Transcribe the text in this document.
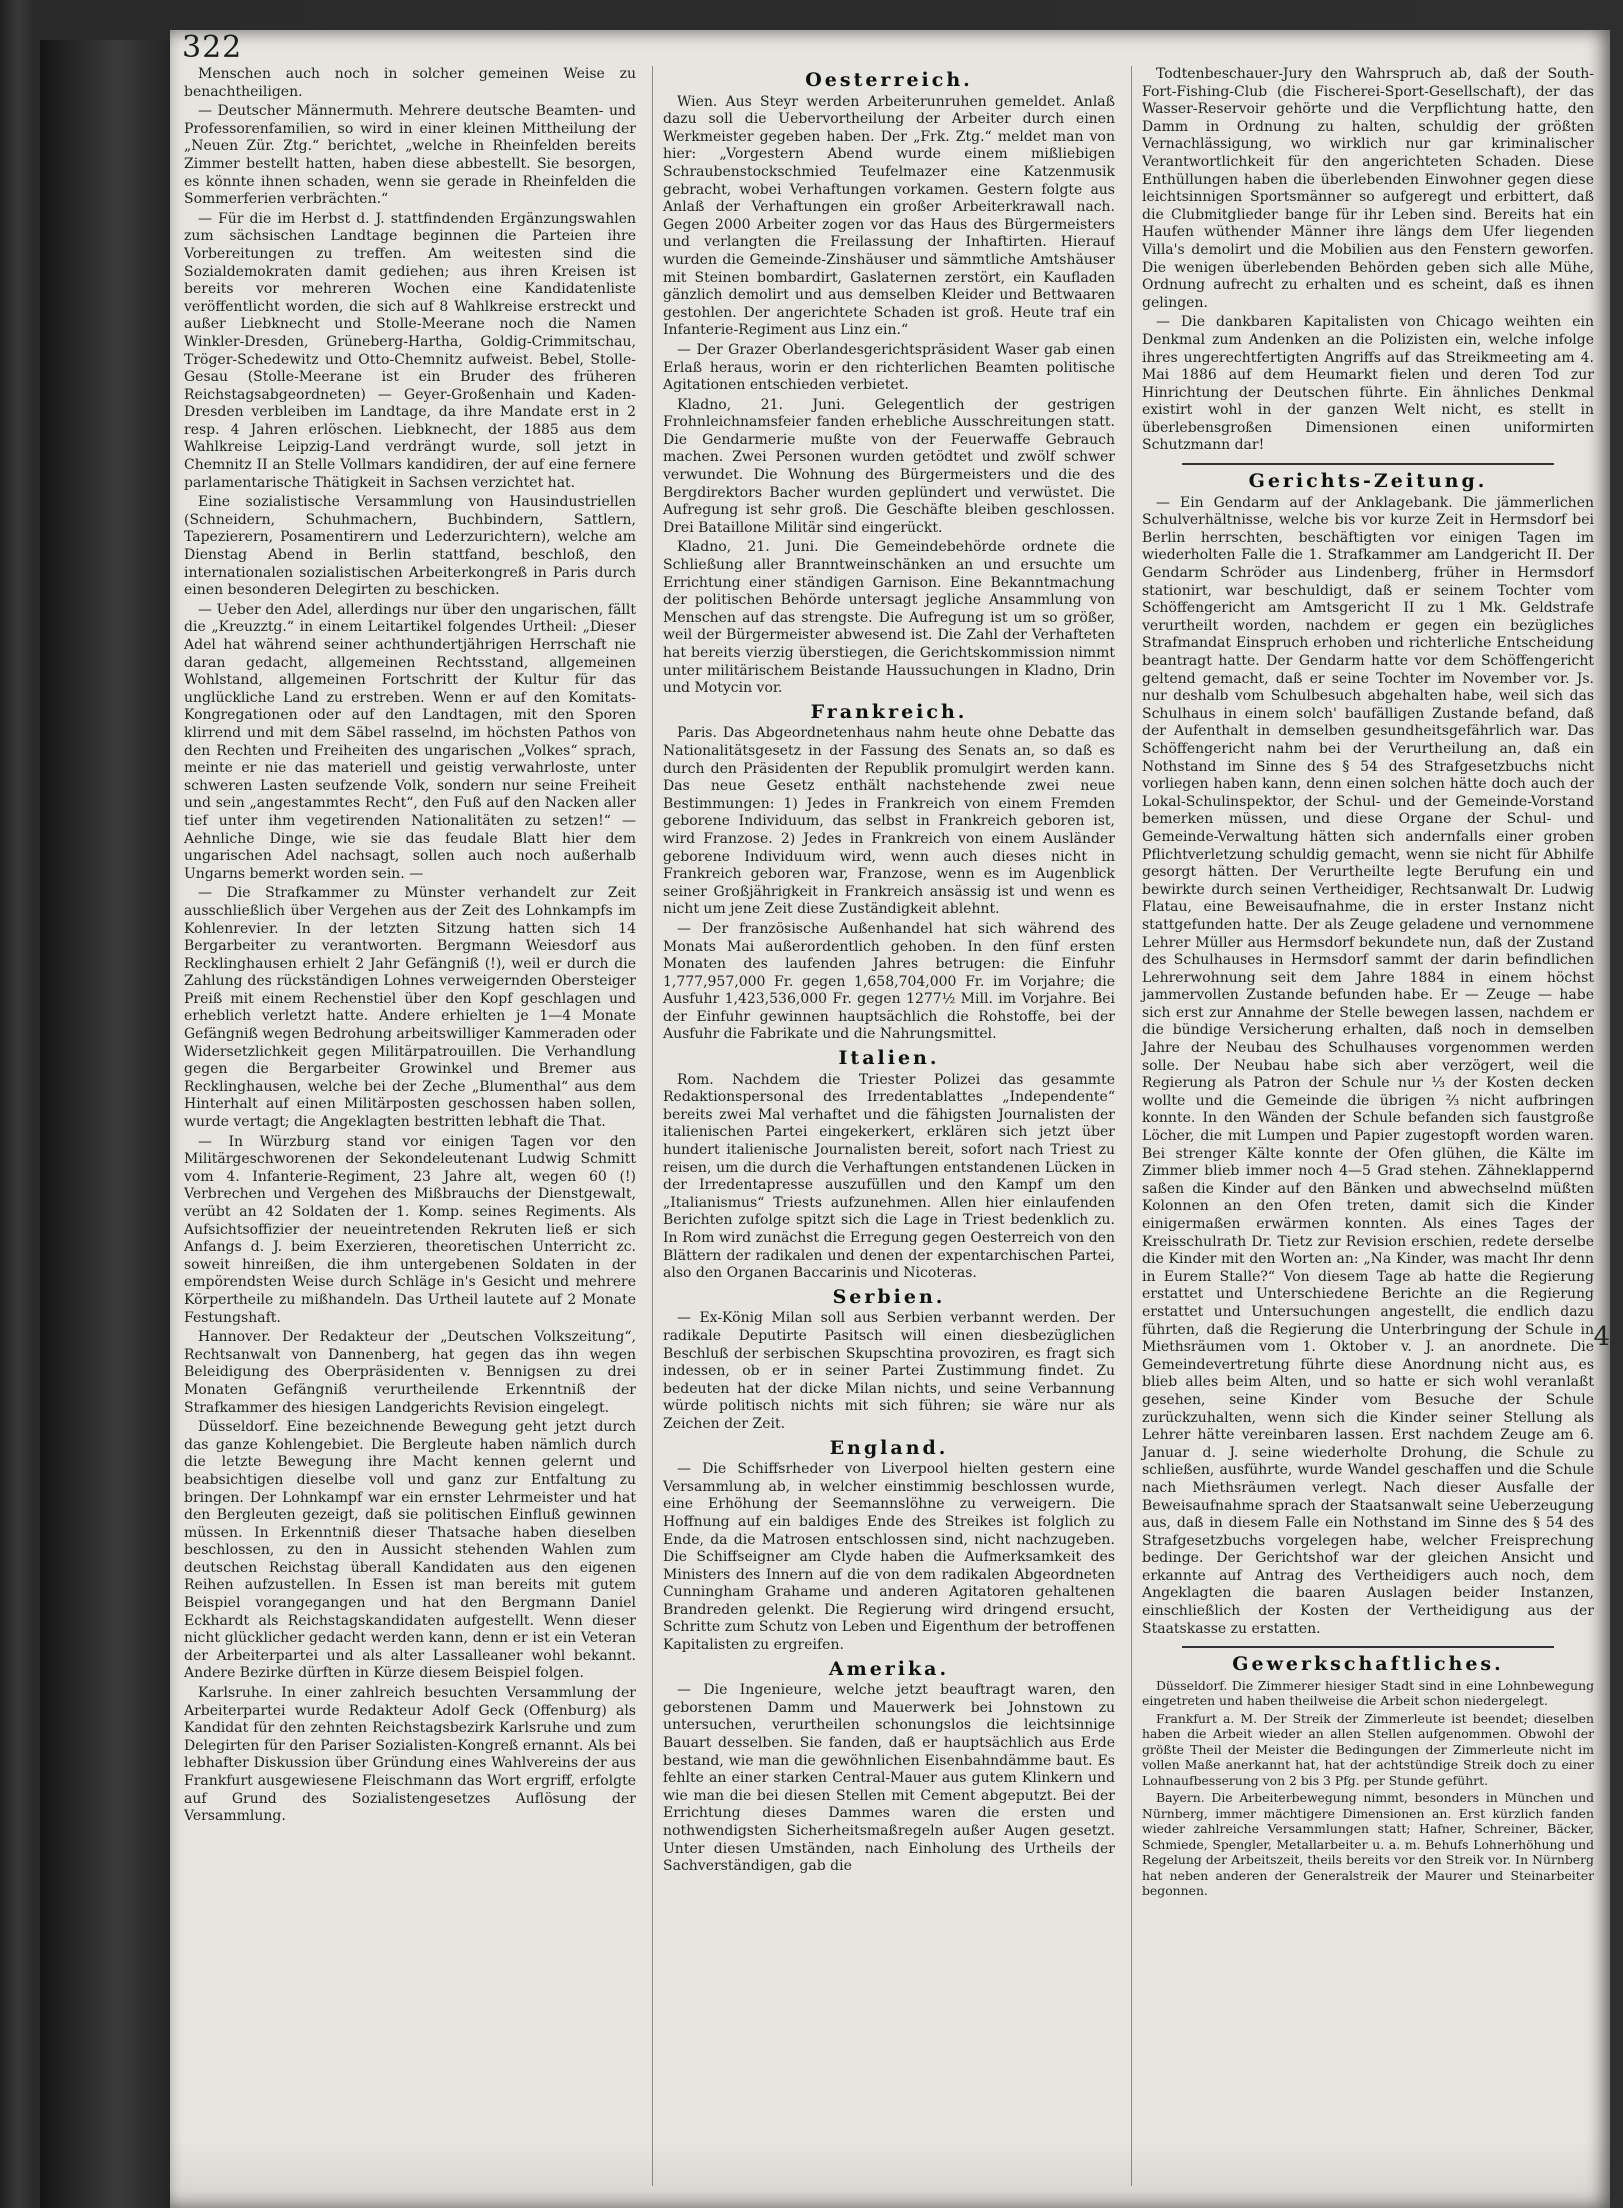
322

Menschen auch noch in solcher gemeinen Weise zu benachtheiligen.

— Deutscher Männermuth. Mehrere deutsche Beamten- und Professorenfamilien, so wird in einer kleinen Mittheilung der „Neuen Zür. Ztg.“ berichtet, „welche in Rheinfelden bereits Zimmer bestellt hatten, haben diese abbestellt. Sie besorgen, es könnte ihnen schaden, wenn sie gerade in Rheinfelden die Sommerferien verbrächten.“

— Für die im Herbst d. J. stattfindenden Ergänzungswahlen zum sächsischen Landtage beginnen die Parteien ihre Vorbereitungen zu treffen. Am weitesten sind die Sozialdemokraten damit gediehen; aus ihren Kreisen ist bereits vor mehreren Wochen eine Kandidatenliste veröffentlicht worden, die sich auf 8 Wahlkreise erstreckt und außer Liebknecht und Stolle-Meerane noch die Namen Winkler-Dresden, Grüneberg-Hartha, Goldig-Crimmitschau, Tröger-Schedewitz und Otto-Chemnitz aufweist. Bebel, Stolle-Gesau (Stolle-Meerane ist ein Bruder des früheren Reichstagsabgeordneten) — Geyer-Großenhain und Kaden-Dresden verbleiben im Landtage, da ihre Mandate erst in 2 resp. 4 Jahren erlöschen. Liebknecht, der 1885 aus dem Wahlkreise Leipzig-Land verdrängt wurde, soll jetzt in Chemnitz II an Stelle Vollmars kandidiren, der auf eine fernere parlamentarische Thätigkeit in Sachsen verzichtet hat.

Eine sozialistische Versammlung von Hausindustriellen (Schneidern, Schuhmachern, Buchbindern, Sattlern, Tapezierern, Posamentirern und Lederzurichtern), welche am Dienstag Abend in Berlin stattfand, beschloß, den internationalen sozialistischen Arbeiterkongreß in Paris durch einen besonderen Delegirten zu beschicken.

— Ueber den Adel, allerdings nur über den ungarischen, fällt die „Kreuzztg.“ in einem Leitartikel folgendes Urtheil: „Dieser Adel hat während seiner achthundertjährigen Herrschaft nie daran gedacht, allgemeinen Rechtsstand, allgemeinen Wohlstand, allgemeinen Fortschritt der Kultur für das unglückliche Land zu erstreben. Wenn er auf den Komitats-Kongregationen oder auf den Landtagen, mit den Sporen klirrend und mit dem Säbel rasselnd, im höchsten Pathos von den Rechten und Freiheiten des ungarischen „Volkes“ sprach, meinte er nie das materiell und geistig verwahrloste, unter schweren Lasten seufzende Volk, sondern nur seine Freiheit und sein „angestammtes Recht“, den Fuß auf den Nacken aller tief unter ihm vegetirenden Nationalitäten zu setzen!“ — Aehnliche Dinge, wie sie das feudale Blatt hier dem ungarischen Adel nachsagt, sollen auch noch außerhalb Ungarns bemerkt worden sein. —

— Die Strafkammer zu Münster verhandelt zur Zeit ausschließlich über Vergehen aus der Zeit des Lohnkampfs im Kohlenrevier. In der letzten Sitzung hatten sich 14 Bergarbeiter zu verantworten. Bergmann Weiesdorf aus Recklinghausen erhielt 2 Jahr Gefängniß (!), weil er durch die Zahlung des rückständigen Lohnes verweigernden Obersteiger Preiß mit einem Rechenstiel über den Kopf geschlagen und erheblich verletzt hatte. Andere erhielten je 1—4 Monate Gefängniß wegen Bedrohung arbeitswilliger Kammeraden oder Widersetzlichkeit gegen Militärpatrouillen. Die Verhandlung gegen die Bergarbeiter Growinkel und Bremer aus Recklinghausen, welche bei der Zeche „Blumenthal“ aus dem Hinterhalt auf einen Militärposten geschossen haben sollen, wurde vertagt; die Angeklagten bestritten lebhaft die That.

— In Würzburg stand vor einigen Tagen vor den Militärgeschworenen der Sekondeleutenant Ludwig Schmitt vom 4. Infanterie-Regiment, 23 Jahre alt, wegen 60 (!) Verbrechen und Vergehen des Mißbrauchs der Dienstgewalt, verübt an 42 Soldaten der 1. Komp. seines Regiments. Als Aufsichtsoffizier der neueintretenden Rekruten ließ er sich Anfangs d. J. beim Exerzieren, theoretischen Unterricht zc. soweit hinreißen, die ihm untergebenen Soldaten in der empörendsten Weise durch Schläge in's Gesicht und mehrere Körpertheile zu mißhandeln. Das Urtheil lautete auf 2 Monate Festungshaft.

Hannover. Der Redakteur der „Deutschen Volkszeitung“, Rechtsanwalt von Dannenberg, hat gegen das ihn wegen Beleidigung des Oberpräsidenten v. Bennigsen zu drei Monaten Gefängniß verurtheilende Erkenntniß der Strafkammer des hiesigen Landgerichts Revision eingelegt.

Düsseldorf. Eine bezeichnende Bewegung geht jetzt durch das ganze Kohlengebiet. Die Bergleute haben nämlich durch die letzte Bewegung ihre Macht kennen gelernt und beabsichtigen dieselbe voll und ganz zur Entfaltung zu bringen. Der Lohnkampf war ein ernster Lehrmeister und hat den Bergleuten gezeigt, daß sie politischen Einfluß gewinnen müssen. In Erkenntniß dieser Thatsache haben dieselben beschlossen, zu den in Aussicht stehenden Wahlen zum deutschen Reichstag überall Kandidaten aus den eigenen Reihen aufzustellen. In Essen ist man bereits mit gutem Beispiel vorangegangen und hat den Bergmann Daniel Eckhardt als Reichstagskandidaten aufgestellt. Wenn dieser nicht glücklicher gedacht werden kann, denn er ist ein Veteran der Arbeiterpartei und als alter Lassalleaner wohl bekannt. Andere Bezirke dürften in Kürze diesem Beispiel folgen.

Karlsruhe. In einer zahlreich besuchten Versammlung der Arbeiterpartei wurde Redakteur Adolf Geck (Offenburg) als Kandidat für den zehnten Reichstagsbezirk Karlsruhe und zum Delegirten für den Pariser Sozialisten-Kongreß ernannt. Als bei lebhafter Diskussion über Gründung eines Wahlvereins der aus Frankfurt ausgewiesene Fleischmann das Wort ergriff, erfolgte auf Grund des Sozialistengesetzes Auflösung der Versammlung.

Oesterreich.

Wien. Aus Steyr werden Arbeiterunruhen gemeldet. Anlaß dazu soll die Uebervortheilung der Arbeiter durch einen Werkmeister gegeben haben. Der „Frk. Ztg.“ meldet man von hier: „Vorgestern Abend wurde einem mißliebigen Schraubenstockschmied Teufelmazer eine Katzenmusik gebracht, wobei Verhaftungen vorkamen. Gestern folgte aus Anlaß der Verhaftungen ein großer Arbeiterkrawall nach. Gegen 2000 Arbeiter zogen vor das Haus des Bürgermeisters und verlangten die Freilassung der Inhaftirten. Hierauf wurden die Gemeinde-Zinshäuser und sämmtliche Amtshäuser mit Steinen bombardirt, Gaslaternen zerstört, ein Kaufladen gänzlich demolirt und aus demselben Kleider und Bettwaaren gestohlen. Der angerichtete Schaden ist groß. Heute traf ein Infanterie-Regiment aus Linz ein.“

— Der Grazer Oberlandesgerichtspräsident Waser gab einen Erlaß heraus, worin er den richterlichen Beamten politische Agitationen entschieden verbietet.

Kladno, 21. Juni. Gelegentlich der gestrigen Frohnleichnamsfeier fanden erhebliche Ausschreitungen statt. Die Gendarmerie mußte von der Feuerwaffe Gebrauch machen. Zwei Personen wurden getödtet und zwölf schwer verwundet. Die Wohnung des Bürgermeisters und die des Bergdirektors Bacher wurden geplündert und verwüstet. Die Aufregung ist sehr groß. Die Geschäfte bleiben geschlossen. Drei Bataillone Militär sind eingerückt.

Kladno, 21. Juni. Die Gemeindebehörde ordnete die Schließung aller Branntweinschänken an und ersuchte um Errichtung einer ständigen Garnison. Eine Bekanntmachung der politischen Behörde untersagt jegliche Ansammlung von Menschen auf das strengste. Die Aufregung ist um so größer, weil der Bürgermeister abwesend ist. Die Zahl der Verhafteten hat bereits vierzig überstiegen, die Gerichtskommission nimmt unter militärischem Beistande Haussuchungen in Kladno, Drin und Motycin vor.

Frankreich.

Paris. Das Abgeordnetenhaus nahm heute ohne Debatte das Nationalitätsgesetz in der Fassung des Senats an, so daß es durch den Präsidenten der Republik promulgirt werden kann. Das neue Gesetz enthält nachstehende zwei neue Bestimmungen: 1) Jedes in Frankreich von einem Fremden geborene Individuum, das selbst in Frankreich geboren ist, wird Franzose. 2) Jedes in Frankreich von einem Ausländer geborene Individuum wird, wenn auch dieses nicht in Frankreich geboren war, Franzose, wenn es im Augenblick seiner Großjährigkeit in Frankreich ansässig ist und wenn es nicht um jene Zeit diese Zuständigkeit ablehnt.

— Der französische Außenhandel hat sich während des Monats Mai außerordentlich gehoben. In den fünf ersten Monaten des laufenden Jahres betrugen: die Einfuhr 1,777,957,000 Fr. gegen 1,658,704,000 Fr. im Vorjahre; die Ausfuhr 1,423,536,000 Fr. gegen 1277½ Mill. im Vorjahre. Bei der Einfuhr gewinnen hauptsächlich die Rohstoffe, bei der Ausfuhr die Fabrikate und die Nahrungsmittel.

Italien.

Rom. Nachdem die Triester Polizei das gesammte Redaktionspersonal des Irredentablattes „Independente“ bereits zwei Mal verhaftet und die fähigsten Journalisten der italienischen Partei eingekerkert, erklären sich jetzt über hundert italienische Journalisten bereit, sofort nach Triest zu reisen, um die durch die Verhaftungen entstandenen Lücken in der Irredentapresse auszufüllen und den Kampf um den „Italianismus“ Triests aufzunehmen. Allen hier einlaufenden Berichten zufolge spitzt sich die Lage in Triest bedenklich zu. In Rom wird zunächst die Erregung gegen Oesterreich von den Blättern der radikalen und denen der expentarchischen Partei, also den Organen Baccarinis und Nicoteras.

Serbien.

— Ex-König Milan soll aus Serbien verbannt werden. Der radikale Deputirte Pasitsch will einen diesbezüglichen Beschluß der serbischen Skupschtina provoziren, es fragt sich indessen, ob er in seiner Partei Zustimmung findet. Zu bedeuten hat der dicke Milan nichts, und seine Verbannung würde politisch nichts mit sich führen; sie wäre nur als Zeichen der Zeit.

England.

— Die Schiffsrheder von Liverpool hielten gestern eine Versammlung ab, in welcher einstimmig beschlossen wurde, eine Erhöhung der Seemannslöhne zu verweigern. Die Hoffnung auf ein baldiges Ende des Streikes ist folglich zu Ende, da die Matrosen entschlossen sind, nicht nachzugeben. Die Schiffseigner am Clyde haben die Aufmerksamkeit des Ministers des Innern auf die von dem radikalen Abgeordneten Cunningham Grahame und anderen Agitatoren gehaltenen Brandreden gelenkt. Die Regierung wird dringend ersucht, Schritte zum Schutz von Leben und Eigenthum der betroffenen Kapitalisten zu ergreifen.

Amerika.

— Die Ingenieure, welche jetzt beauftragt waren, den geborstenen Damm und Mauerwerk bei Johnstown zu untersuchen, verurtheilen schonungslos die leichtsinnige Bauart desselben. Sie fanden, daß er hauptsächlich aus Erde bestand, wie man die gewöhnlichen Eisenbahndämme baut. Es fehlte an einer starken Central-Mauer aus gutem Klinkern und wie man die bei diesen Stellen mit Cement abgeputzt. Bei der Errichtung dieses Dammes waren die ersten und nothwendigsten Sicherheitsmaßregeln außer Augen gesetzt. Unter diesen Umständen, nach Einholung des Urtheils der Sachverständigen, gab die

Todtenbeschauer-Jury den Wahrspruch ab, daß der South-Fort-Fishing-Club (die Fischerei-Sport-Gesellschaft), der das Wasser-Reservoir gehörte und die Verpflichtung hatte, den Damm in Ordnung zu halten, schuldig der größten Vernachlässigung, wo wirklich nur gar kriminalischer Verantwortlichkeit für den angerichteten Schaden. Diese Enthüllungen haben die überlebenden Einwohner gegen diese leichtsinnigen Sportsmänner so aufgeregt und erbittert, daß die Clubmitglieder bange für ihr Leben sind. Bereits hat ein Haufen wüthender Männer ihre längs dem Ufer liegenden Villa's demolirt und die Mobilien aus den Fenstern geworfen. Die wenigen überlebenden Behörden geben sich alle Mühe, Ordnung aufrecht zu erhalten und es scheint, daß es ihnen gelingen.

— Die dankbaren Kapitalisten von Chicago weihten ein Denkmal zum Andenken an die Polizisten ein, welche infolge ihres ungerechtfertigten Angriffs auf das Streikmeeting am 4. Mai 1886 auf dem Heumarkt fielen und deren Tod zur Hinrichtung der Deutschen führte. Ein ähnliches Denkmal existirt wohl in der ganzen Welt nicht, es stellt in überlebensgroßen Dimensionen einen uniformirten Schutzmann dar!

Gerichts-Zeitung.

— Ein Gendarm auf der Anklagebank. Die jämmerlichen Schulverhältnisse, welche bis vor kurze Zeit in Hermsdorf bei Berlin herrschten, beschäftigten vor einigen Tagen im wiederholten Falle die 1. Strafkammer am Landgericht II. Der Gendarm Schröder aus Lindenberg, früher in Hermsdorf stationirt, war beschuldigt, daß er seinem Tochter vom Schöffengericht am Amtsgericht II zu 1 Mk. Geldstrafe verurtheilt worden, nachdem er gegen ein bezügliches Strafmandat Einspruch erhoben und richterliche Entscheidung beantragt hatte. Der Gendarm hatte vor dem Schöffengericht geltend gemacht, daß er seine Tochter im November vor. Js. nur deshalb vom Schulbesuch abgehalten habe, weil sich das Schulhaus in einem solch' baufälligen Zustande befand, daß der Aufenthalt in demselben gesundheitsgefährlich war. Das Schöffengericht nahm bei der Verurtheilung an, daß ein Nothstand im Sinne des § 54 des Strafgesetzbuchs nicht vorliegen haben kann, denn einen solchen hätte doch auch der Lokal-Schulinspektor, der Schul- und der Gemeinde-Vorstand bemerken müssen, und diese Organe der Schul- und Gemeinde-Verwaltung hätten sich andernfalls einer groben Pflichtverletzung schuldig gemacht, wenn sie nicht für Abhilfe gesorgt hätten. Der Verurtheilte legte Berufung ein und bewirkte durch seinen Vertheidiger, Rechtsanwalt Dr. Ludwig Flatau, eine Beweisaufnahme, die in erster Instanz nicht stattgefunden hatte. Der als Zeuge geladene und vernommene Lehrer Müller aus Hermsdorf bekundete nun, daß der Zustand des Schulhauses in Hermsdorf sammt der darin befindlichen Lehrerwohnung seit dem Jahre 1884 in einem höchst jammervollen Zustande befunden habe. Er — Zeuge — habe sich erst zur Annahme der Stelle bewegen lassen, nachdem er die bündige Versicherung erhalten, daß noch in demselben Jahre der Neubau des Schulhauses vorgenommen werden solle. Der Neubau habe sich aber verzögert, weil die Regierung als Patron der Schule nur ⅓ der Kosten decken wollte und die Gemeinde die übrigen ⅔ nicht aufbringen konnte. In den Wänden der Schule befanden sich faustgroße Löcher, die mit Lumpen und Papier zugestopft worden waren. Bei strenger Kälte konnte der Ofen glühen, die Kälte im Zimmer blieb immer noch 4—5 Grad stehen. Zähneklappernd saßen die Kinder auf den Bänken und abwechselnd müßten Kolonnen an den Ofen treten, damit sich die Kinder einigermaßen erwärmen konnten. Als eines Tages der Kreisschulrath Dr. Tietz zur Revision erschien, redete derselbe die Kinder mit den Worten an: „Na Kinder, was macht Ihr denn in Eurem Stalle?“ Von diesem Tage ab hatte die Regierung erstattet und Unterschiedene Berichte an die Regierung erstattet und Untersuchungen angestellt, die endlich dazu führten, daß die Regierung die Unterbringung der Schule in Miethsräumen vom 1. Oktober v. J. an anordnete. Die Gemeindevertretung führte diese Anordnung nicht aus, es blieb alles beim Alten, und so hatte er sich wohl veranlaßt gesehen, seine Kinder vom Besuche der Schule zurückzuhalten, wenn sich die Kinder seiner Stellung als Lehrer hätte vereinbaren lassen. Erst nachdem Zeuge am 6. Januar d. J. seine wiederholte Drohung, die Schule zu schließen, ausführte, wurde Wandel geschaffen und die Schule nach Miethsräumen verlegt. Nach dieser Ausfalle der Beweisaufnahme sprach der Staatsanwalt seine Ueberzeugung aus, daß in diesem Falle ein Nothstand im Sinne des § 54 des Strafgesetzbuchs vorgelegen habe, welcher Freisprechung bedinge. Der Gerichtshof war der gleichen Ansicht und erkannte auf Antrag des Vertheidigers auch noch, dem Angeklagten die baaren Auslagen beider Instanzen, einschließlich der Kosten der Vertheidigung aus der Staatskasse zu erstatten.

Gewerkschaftliches.

Düsseldorf. Die Zimmerer hiesiger Stadt sind in eine Lohnbewegung eingetreten und haben theilweise die Arbeit schon niedergelegt.

Frankfurt a. M. Der Streik der Zimmerleute ist beendet; dieselben haben die Arbeit wieder an allen Stellen aufgenommen. Obwohl der größte Theil der Meister die Bedingungen der Zimmerleute nicht im vollen Maße anerkannt hat, hat der achtstündige Streik doch zu einer Lohnaufbesserung von 2 bis 3 Pfg. per Stunde geführt.

Bayern. Die Arbeiterbewegung nimmt, besonders in München und Nürnberg, immer mächtigere Dimensionen an. Erst kürzlich fanden wieder zahlreiche Versammlungen statt; Hafner, Schreiner, Bäcker, Schmiede, Spengler, Metallarbeiter u. a. m. Behufs Lohnerhöhung und Regelung der Arbeitszeit, theils bereits vor den Streik vor. In Nürnberg hat neben anderen der Generalstreik der Maurer und Steinarbeiter begonnen.

4
